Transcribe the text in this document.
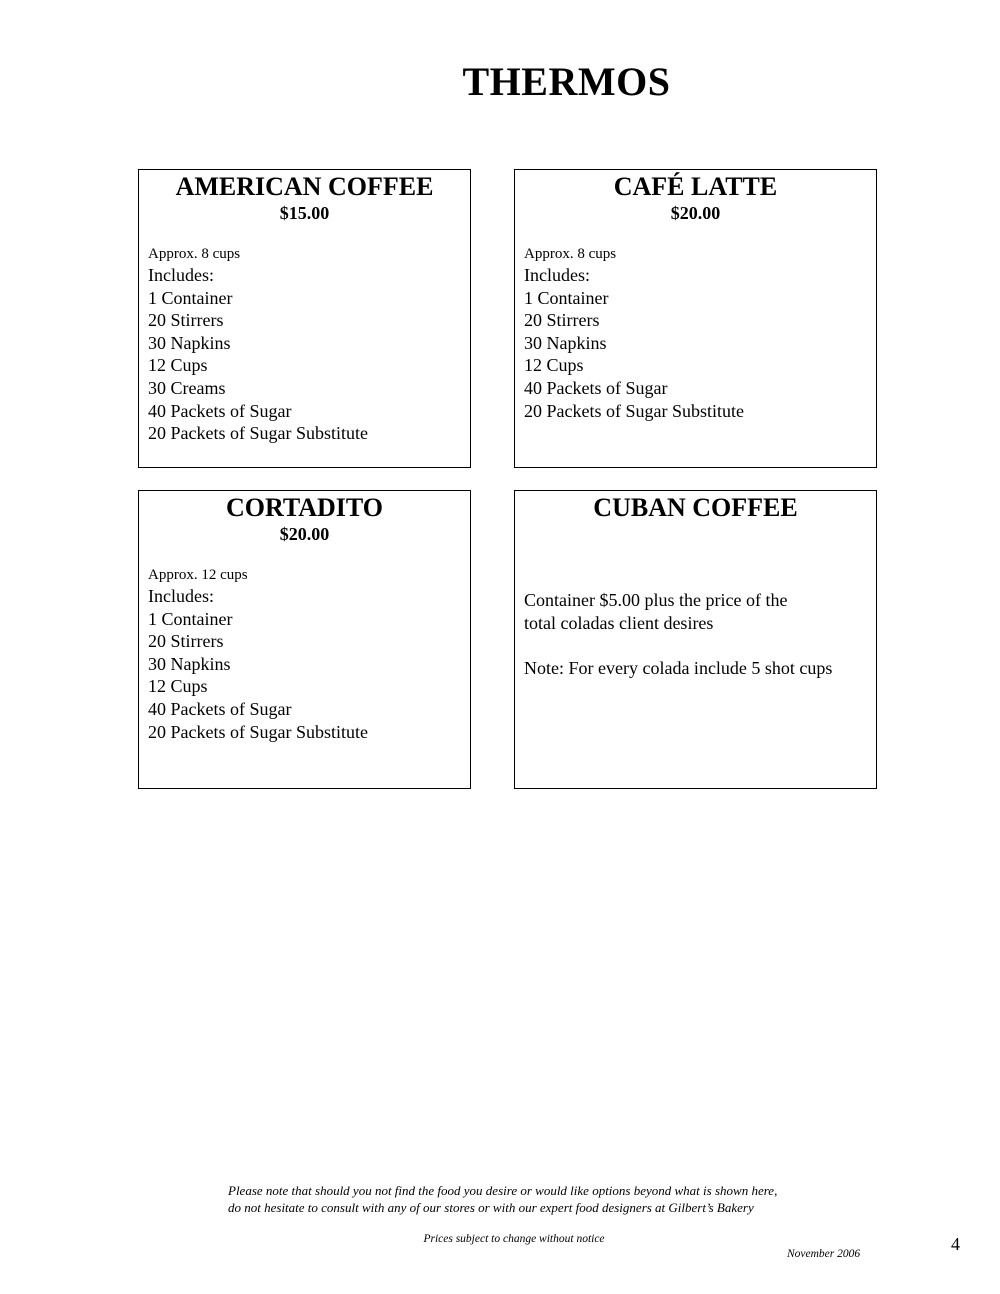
THERMOS
AMERICAN COFFEE
$15.00
Approx. 8 cups
Includes:
1 Container
20 Stirrers
30 Napkins
12 Cups
30 Creams
40 Packets of Sugar
20 Packets of Sugar Substitute
CAFÉ LATTE
$20.00
Approx. 8 cups
Includes:
1 Container
20 Stirrers
30 Napkins
12 Cups
40 Packets of Sugar
20 Packets of Sugar Substitute
CORTADITO
$20.00
Approx. 12 cups
Includes:
1 Container
20 Stirrers
30 Napkins
12 Cups
40 Packets of Sugar
20 Packets of Sugar Substitute
CUBAN COFFEE
Container $5.00 plus the price of the
total coladas client desires
Note: For every colada include 5 shot cups
Please note that should you not find the food you desire or would like options beyond what is shown here,
do not hesitate to consult with any of our stores or with our expert food designers at Gilbert’s Bakery
Prices subject to change without notice
November 2006	4
